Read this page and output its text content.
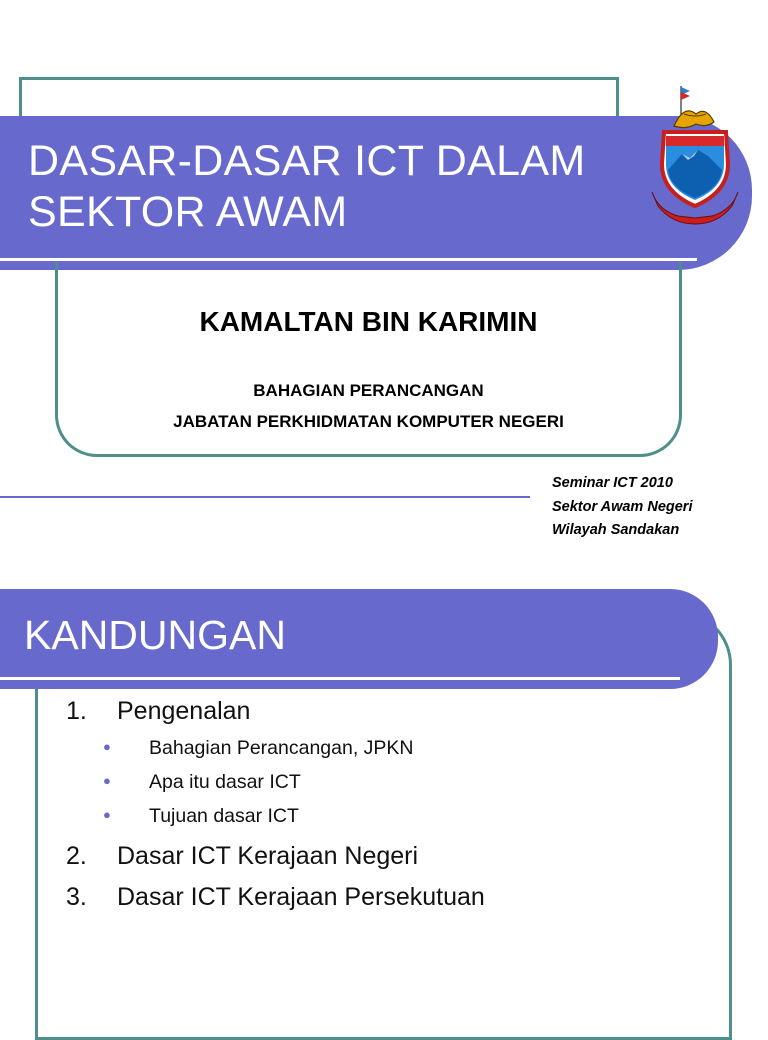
DASAR-DASAR ICT DALAM
SEKTOR AWAM

KAMALTAN BIN KARIMIN

BAHAGIAN PERANCANGAN

JABATAN PERKHIDMATAN KOMPUTER NEGERI

Seminar ICT 2010
Sektor Awam Negeri
Wilayah Sandakan

KANDUNGAN

1. Pengenalan

● Bahagian Perancangan, JPKN

● Apa itu dasar ICT

● Tujuan dasar ICT

2. Dasar ICT Kerajaan Negeri

3. Dasar ICT Kerajaan Persekutuan
